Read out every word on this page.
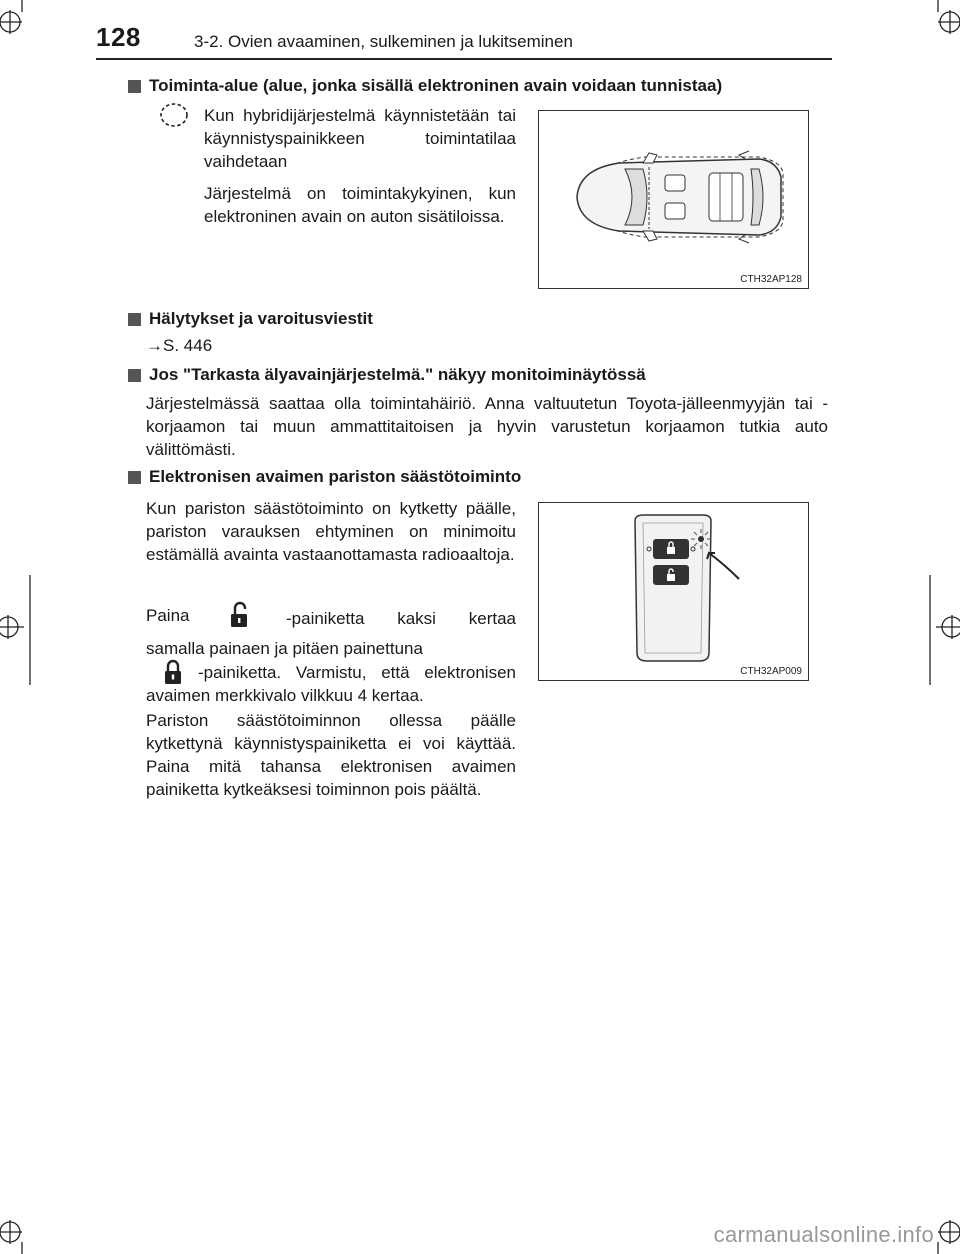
128	3-2. Ovien avaaminen, sulkeminen ja lukitseminen
Toiminta-alue (alue, jonka sisällä elektroninen avain voidaan tunnistaa)
Kun hybridijärjestelmä käynnistetään tai käynnistyspainikkeen toimintatilaa vaihdetaan
Järjestelmä on toimintakykyinen, kun elektroninen avain on auton sisätiloissa.
CTH32AP128
Hälytykset ja varoitusviestit
→S. 446
Jos "Tarkasta älyavainjärjestelmä." näkyy monitoiminäytössä
Järjestelmässä saattaa olla toimintahäiriö. Anna valtuutetun Toyota-jälleenmyyjän tai -korjaamon tai muun ammattitaitoisen ja hyvin varustetun korjaamon tutkia auto välittömästi.
Elektronisen avaimen pariston säästötoiminto
Kun pariston säästötoiminto on kytketty päälle, pariston varauksen ehtyminen on minimoitu estämällä avainta vastaanottamasta radioaaltoja.
Paina	-painiketta kaksi kertaa samalla painaen ja pitäen painettuna
-painiketta. Varmistu, että elektronisen avaimen merkkivalo vilkkuu 4 kertaa.
Pariston säästötoiminnon ollessa päälle kytkettynä käynnistyspainiketta ei voi käyttää. Paina mitä tahansa elektronisen avaimen painiketta kytkeäksesi toiminnon pois päältä.
CTH32AP009
carmanualsonline.info
